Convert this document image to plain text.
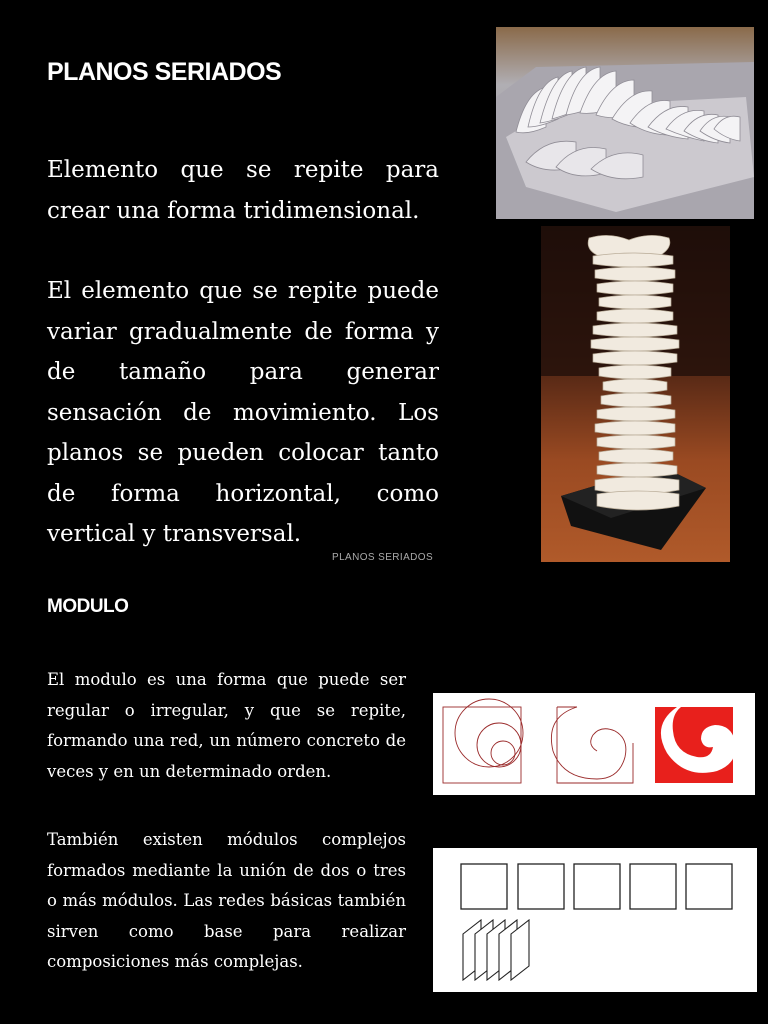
PLANOS SERIADOS
Elemento que se repite para crear una forma tridimensional.
El elemento que se repite puede variar gradualmente de forma y de tamaño para generar sensación de movimiento. Los planos se pueden colocar tanto de forma horizontal, como vertical y transversal.
PLANOS SERIADOS
MODULO
El modulo es una forma que puede ser regular o irregular, y que se repite, formando una red, un número concreto de veces y en un determinado orden.
También existen módulos complejos formados mediante la unión de dos o tres o más módulos. Las redes básicas también sirven como base para realizar composiciones más complejas.
